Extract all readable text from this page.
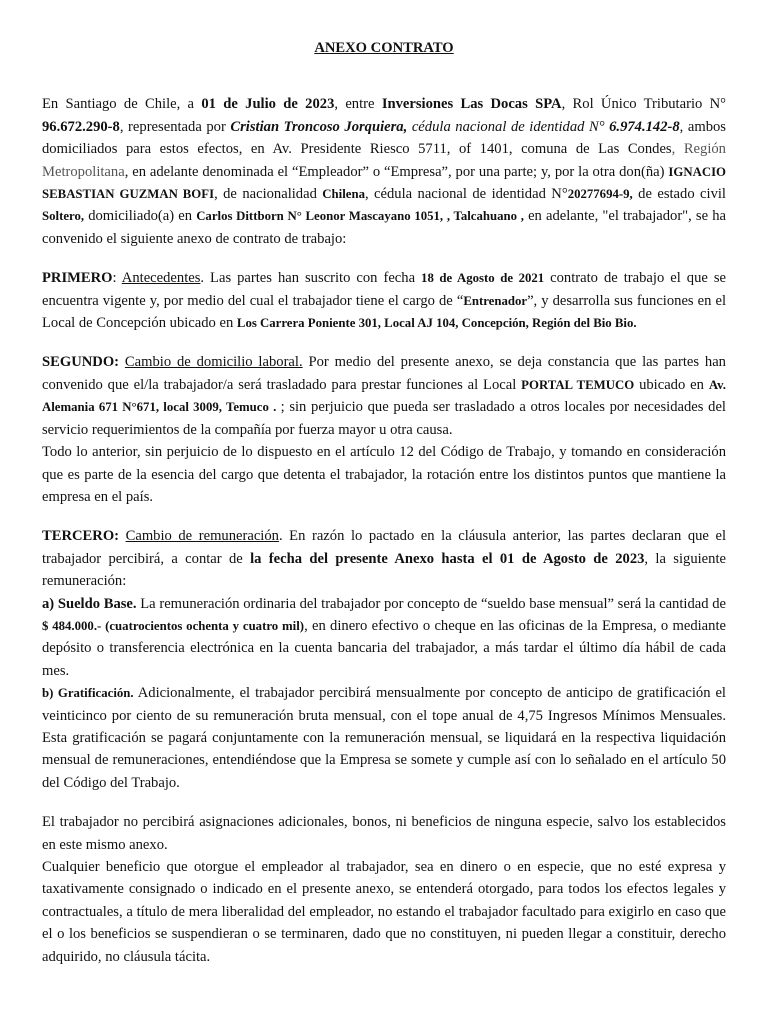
ANEXO CONTRATO

En Santiago de Chile, a 01 de Julio de 2023, entre Inversiones Las Docas SPA, Rol Único Tributario N° 96.672.290-8, representada por Cristian Troncoso Jorquiera, cédula nacional de identidad N° 6.974.142-8, ambos domiciliados para estos efectos, en Av. Presidente Riesco 5711, of 1401, comuna de Las Condes, Región Metropolitana, en adelante denominada el “Empleador” o “Empresa”, por una parte; y, por la otra don(ña) IGNACIO SEBASTIAN GUZMAN BOFI, de nacionalidad Chilena, cédula nacional de identidad N°20277694-9, de estado civil Soltero, domiciliado(a) en Carlos Dittborn N° Leonor Mascayano 1051, , Talcahuano , en adelante, "el trabajador", se ha convenido el siguiente anexo de contrato de trabajo:

PRIMERO: Antecedentes. Las partes han suscrito con fecha 18 de Agosto de 2021 contrato de trabajo el que se encuentra vigente y, por medio del cual el trabajador tiene el cargo de “Entrenador”, y desarrolla sus funciones en el Local de Concepción ubicado en Los Carrera Poniente 301, Local AJ 104, Concepción, Región del Bio Bio.

SEGUNDO: Cambio de domicilio laboral. Por medio del presente anexo, se deja constancia que las partes han convenido que el/la trabajador/a será trasladado para prestar funciones al Local PORTAL TEMUCO ubicado en Av. Alemania 671 N°671, local 3009, Temuco . ; sin perjuicio que pueda ser trasladado a otros locales por necesidades del servicio requerimientos de la compañía por fuerza mayor u otra causa.

Todo lo anterior, sin perjuicio de lo dispuesto en el artículo 12 del Código de Trabajo, y tomando en consideración que es parte de la esencia del cargo que detenta el trabajador, la rotación entre los distintos puntos que mantiene la empresa en el país.

TERCERO: Cambio de remuneración. En razón lo pactado en la cláusula anterior, las partes declaran que el trabajador percibirá, a contar de la fecha del presente Anexo hasta el 01 de Agosto de 2023, la siguiente remuneración:

a) Sueldo Base. La remuneración ordinaria del trabajador por concepto de “sueldo base mensual” será la cantidad de $ 484.000.- (cuatrocientos ochenta y cuatro mil), en dinero efectivo o cheque en las oficinas de la Empresa, o mediante depósito o transferencia electrónica en la cuenta bancaria del trabajador, a más tardar el último día hábil de cada mes.

b) Gratificación. Adicionalmente, el trabajador percibirá mensualmente por concepto de anticipo de gratificación el veinticinco por ciento de su remuneración bruta mensual, con el tope anual de 4,75 Ingresos Mínimos Mensuales. Esta gratificación se pagará conjuntamente con la remuneración mensual, se liquidará en la respectiva liquidación mensual de remuneraciones, entendiéndose que la Empresa se somete y cumple así con lo señalado en el artículo 50 del Código del Trabajo.

El trabajador no percibirá asignaciones adicionales, bonos, ni beneficios de ninguna especie, salvo los establecidos en este mismo anexo.

Cualquier beneficio que otorgue el empleador al trabajador, sea en dinero o en especie, que no esté expresa y taxativamente consignado o indicado en el presente anexo, se entenderá otorgado, para todos los efectos legales y contractuales, a título de mera liberalidad del empleador, no estando el trabajador facultado para exigirlo en caso que el o los beneficios se suspendieran o se terminaren, dado que no constituyen, ni pueden llegar a constituir, derecho adquirido, no cláusula tácita.
